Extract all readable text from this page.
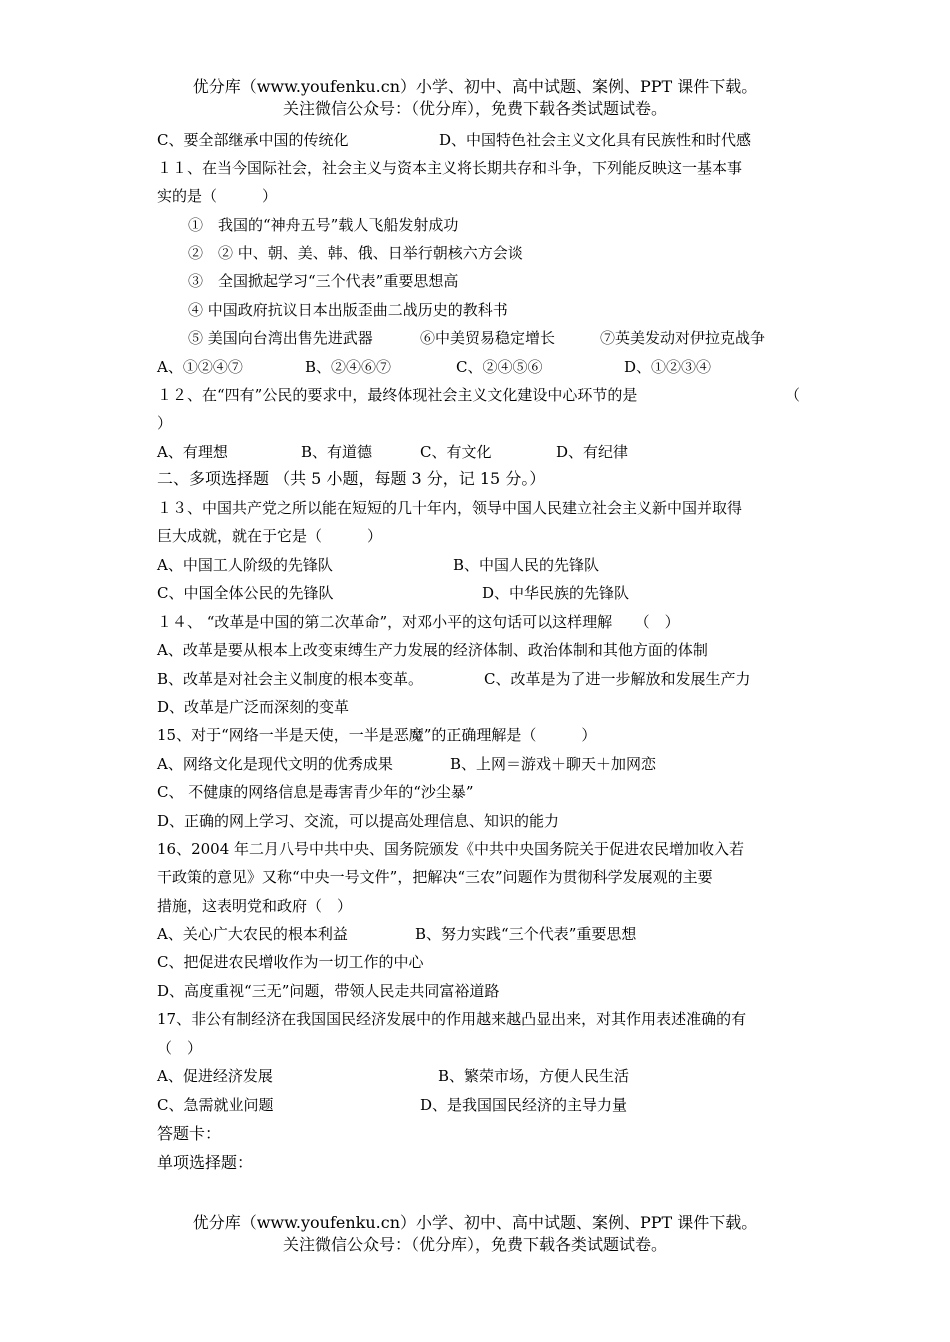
优分库（www.youfenku.cn）小学、初中、高中试题、案例、PPT 课件下载。
关注微信公众号：（优分库），免费下载各类试题试卷。
C、要全部继承中国的传统化	D、中国特色社会主义文化具有民族性和时代感
１１、在当今国际社会，社会主义与资本主义将长期共存和斗争，下列能反映这一基本事
实的是（　　　）
①　我国的“神舟五号”载人飞船发射成功
②　② 中、朝、美、韩、俄、日举行朝核六方会谈
③　全国掀起学习“三个代表”重要思想高
④ 中国政府抗议日本出版歪曲二战历史的教科书
⑤ 美国向台湾出售先进武器	⑥中美贸易稳定增长	⑦英美发动对伊拉克战争
A、①②④⑦	B、②④⑥⑦	C、②④⑤⑥	D、①②③④
１２、在“四有”公民的要求中，最终体现社会主义文化建设中心环节的是	（
）
A、有理想	B、有道德	C、有文化	D、有纪律
二、多项选择题 （共 5 小题，每题 3 分，记 15 分。）
１３、中国共产党之所以能在短短的几十年内，领导中国人民建立社会主义新中国并取得
巨大成就，就在于它是（　　　）
A、中国工人阶级的先锋队	B、中国人民的先锋队
C、中国全体公民的先锋队	D、中华民族的先锋队
１４、 “改革是中国的第二次革命”，对邓小平的这句话可以这样理解　　（　）
A、改革是要从根本上改变束缚生产力发展的经济体制、政治体制和其他方面的体制
B、改革是对社会主义制度的根本变革。	C、改革是为了进一步解放和发展生产力
D、改革是广泛而深刻的变革
15、对于“网络一半是天使，一半是恶魔”的正确理解是（　　　）
A、网络文化是现代文明的优秀成果	B、上网＝游戏＋聊天＋加网恋
C、 不健康的网络信息是毒害青少年的“沙尘暴”
D、正确的网上学习、交流，可以提高处理信息、知识的能力
16、2004 年二月八号中共中央、国务院颁发《中共中央国务院关于促进农民增加收入若
干政策的意见》又称“中央一号文件”，把解决“三农”问题作为贯彻科学发展观的主要
措施，这表明党和政府（　）
A、关心广大农民的根本利益	B、努力实践“三个代表”重要思想
C、把促进农民增收作为一切工作的中心
D、高度重视“三无”问题，带领人民走共同富裕道路
17、非公有制经济在我国国民经济发展中的作用越来越凸显出来，对其作用表述准确的有
（　）
A、促进经济发展	B、繁荣市场，方便人民生活
C、急需就业问题	D、是我国国民经济的主导力量
答题卡：
单项选择题：
优分库（www.youfenku.cn）小学、初中、高中试题、案例、PPT 课件下载。
关注微信公众号：（优分库），免费下载各类试题试卷。
